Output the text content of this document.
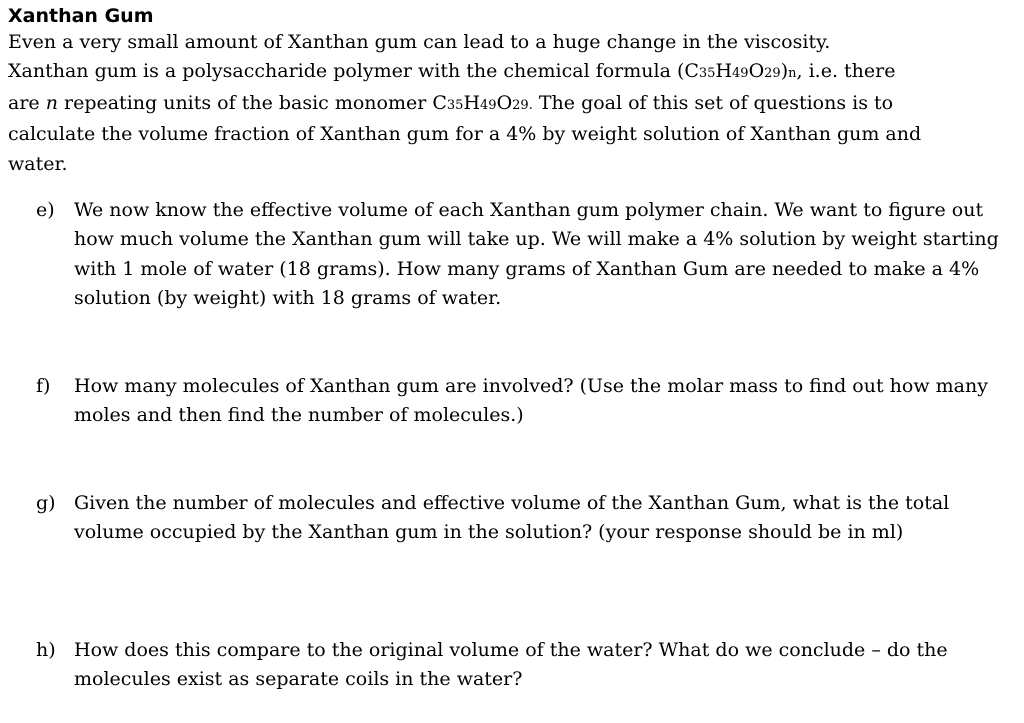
Xanthan Gum
Even a very small amount of Xanthan gum can lead to a huge change in the viscosity.
Xanthan gum is a polysaccharide polymer with the chemical formula (C35H49O29)n, i.e. there
are n repeating units of the basic monomer C35H49O29. The goal of this set of questions is to
calculate the volume fraction of Xanthan gum for a 4% by weight solution of Xanthan gum and water.
e)	We now know the effective volume of each Xanthan gum polymer chain. We want to figure out how much volume the Xanthan gum will take up. We will make a 4% solution by weight starting with 1 mole of water (18 grams). How many grams of Xanthan Gum are needed to make a 4% solution (by weight) with 18 grams of water.
f)	How many molecules of Xanthan gum are involved? (Use the molar mass to find out how many moles and then find the number of molecules.)
g) Given the number of molecules and effective volume of the Xanthan Gum, what is the total volume occupied by the Xanthan gum in the solution? (your response should be in ml)
h) How does this compare to the original volume of the water? What do we conclude – do the molecules exist as separate coils in the water?
